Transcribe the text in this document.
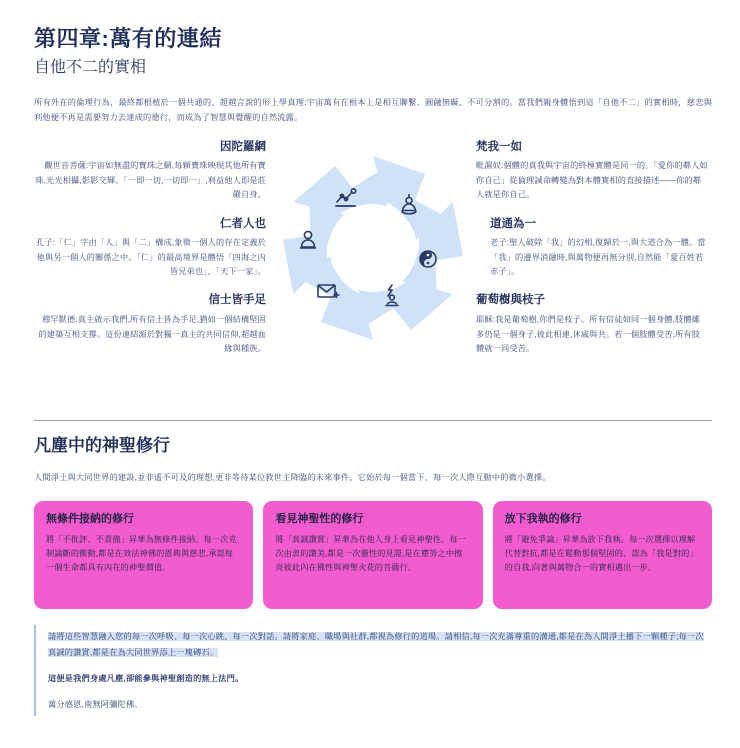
第四章:萬有的連結
自他不二的實相

所有外在的倫理行為，最終都根植於一個共通的、超越言說的形上學真理:宇宙萬有在根本上是相互聯繫、圓融無礙、不可分割的。當我們親身體悟到這「自他不二」的實相時，慈悲與利他便不再是需要努力去達成的德行，而成為了智慧與覺醒的自然流露。

因陀羅網

觀世音菩薩:宇宙如無盡的寶珠之網,每顆寶珠映現其他所有寶珠,光光相攝,影影交輝。「一即一切,一切即一」,利益他人即是莊嚴自身。

仁者人也

孔子:「仁」字由「人」與「二」構成,象徵一個人的存在定義於他與另一個人的關係之中。「仁」的最高境界是體悟「四海之內皆兄弟也」、「天下一家」。

信士皆手足

穆罕默德:真主啟示我們,所有信士皆為手足,猶如一個結構堅固的建築互相支撐。這份連結源於對獨一真主的共同信仰,超越血緣與種族。

梵我一如

毗濕奴:個體的真我與宇宙的終極實體是同一的。「愛你的鄰人如你自己」從倫理誡命轉變為對本體實相的直接描述——你的鄰人就是你自己。

道通為一

老子:聖人破除「我」的幻相,復歸於一,與大道合為一體。當「我」的邊界消融時,與萬物便再無分別,自然能「愛百姓若赤子」。

葡萄樹與枝子

耶穌:我是葡萄樹,你們是枝子。所有信徒如同一個身體,肢體雖多仍是一個身子,彼此相連,休戚與共。若一個肢體受苦,所有肢體就一同受苦。

凡塵中的神聖修行

人間淨土與大同世界的建設,並非遙不可及的理想,更非等待某位救世主降臨的未來事件。它始於每一個當下、每一次人際互動中的微小選擇。

無條件接納的修行

將「不批評、不責備」昇華為無條件接納。每一次克制論斷的衝動,都是在效法神佛的恩典與慈悲,承認每一個生命都具有內在的神聖價值。

看見神聖性的修行

將「真誠讚賞」昇華為在他人身上看見神聖性。每一次由衷的讚美,都是一次靈性的見證,是在塵勞之中擦亮彼此內在佛性與神聖火花的菩薩行。

放下我執的修行

將「避免爭論」昇華為放下我執。每一次選擇以理解代替對抗,都是在鬆動那個堅固的、認為「我是對的」的自我,向著與萬物合一的實相邁出一步。

請將這些智慧融入您的每一次呼吸、每一次心跳、每一次對話。請將家庭、職場與社群,都視為修行的道場。請相信,每一次充滿尊重的溝通,都是在為人間淨土播下一顆種子;每一次真誠的讚賞,都是在為大同世界添上一塊磚石。

這便是我們身處凡塵,卻能參與神聖創造的無上法門。

萬分感恩,南無阿彌陀佛。
